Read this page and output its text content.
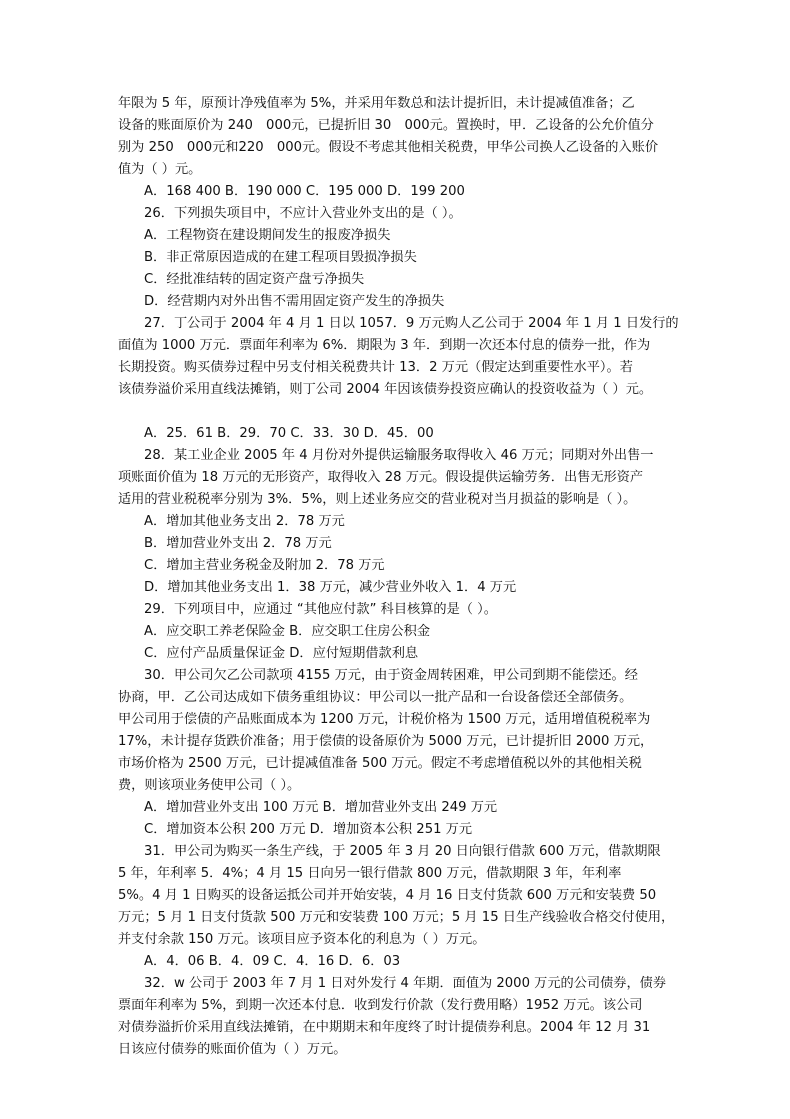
年限为 5 年，原预计净残值率为 5%，并采用年数总和法计提折旧，未计提减值准备；乙
设备的账面原价为 240　000元，已提折旧 30　000元。置换时，甲．乙设备的公允价值分
别为 250　000元和220　000元。假设不考虑其他相关税费，甲华公司换人乙设备的入账价
值为（ ）元。
A．168 400 B．190 000 C．195 000 D．199 200
26．下列损失项目中，不应计入营业外支出的是（ ）。
A．工程物资在建设期间发生的报废净损失
B．非正常原因造成的在建工程项目毁损净损失
C．经批准结转的固定资产盘亏净损失
D．经营期内对外出售不需用固定资产发生的净损失
27．丁公司于 2004 年 4 月 1 日以 1057．9 万元购人乙公司于 2004 年 1 月 1 日发行的
面值为 1000 万元．票面年利率为 6%．期限为 3 年．到期一次还本付息的债券一批，作为
长期投资。购买债券过程中另支付相关税费共计 13．2 万元（假定达到重要性水平）。若
该债券溢价采用直线法摊销，则丁公司 2004 年因该债券投资应确认的投资收益为（ ）元。
A．25．61 B．29．70 C．33．30 D．45．00
28．某工业企业 2005 年 4 月份对外提供运输服务取得收入 46 万元；同期对外出售一
项账面价值为 18 万元的无形资产，取得收入 28 万元。假设提供运输劳务．出售无形资产
适用的营业税税率分别为 3%．5%，则上述业务应交的营业税对当月损益的影响是（ ）。
A．增加其他业务支出 2．78 万元
B．增加营业外支出 2．78 万元
C．增加主营业务税金及附加 2．78 万元
D．增加其他业务支出 1．38 万元，减少营业外收入 1．4 万元
29．下列项目中，应通过 “其他应付款” 科目核算的是（ ）。
A．应交职工养老保险金 B．应交职工住房公积金
C．应付产品质量保证金 D．应付短期借款利息
30．甲公司欠乙公司款项 4155 万元，由于资金周转困难，甲公司到期不能偿还。经
协商，甲．乙公司达成如下债务重组协议：甲公司以一批产品和一台设备偿还全部债务。
甲公司用于偿债的产品账面成本为 1200 万元，计税价格为 1500 万元，适用增值税税率为
17%，未计提存货跌价准备；用于偿债的设备原价为 5000 万元，已计提折旧 2000 万元，
市场价格为 2500 万元，已计提减值准备 500 万元。假定不考虑增值税以外的其他相关税
费，则该项业务使甲公司（ ）。
A．增加营业外支出 100 万元 B．增加营业外支出 249 万元
C．增加资本公积 200 万元 D．增加资本公积 251 万元
31．甲公司为购买一条生产线，于 2005 年 3 月 20 日向银行借款 600 万元，借款期限
5 年，年利率 5．4%；4 月 15 日向另一银行借款 800 万元，借款期限 3 年，年利率
5%。4 月 1 日购买的设备运抵公司并开始安装，4 月 16 日支付货款 600 万元和安装费 50
万元；5 月 1 日支付货款 500 万元和安装费 100 万元；5 月 15 日生产线验收合格交付使用，
并支付余款 150 万元。该项目应予资本化的利息为（ ）万元。
A．4．06 B．4．09 C．4．16 D．6．03
32．w 公司于 2003 年 7 月 1 日对外发行 4 年期．面值为 2000 万元的公司债券，债券
票面年利率为 5%，到期一次还本付息．收到发行价款（发行费用略）1952 万元。该公司
对债券溢折价采用直线法摊销，在中期期末和年度终了时计提债券利息。2004 年 12 月 31
日该应付债券的账面价值为（ ）万元。
